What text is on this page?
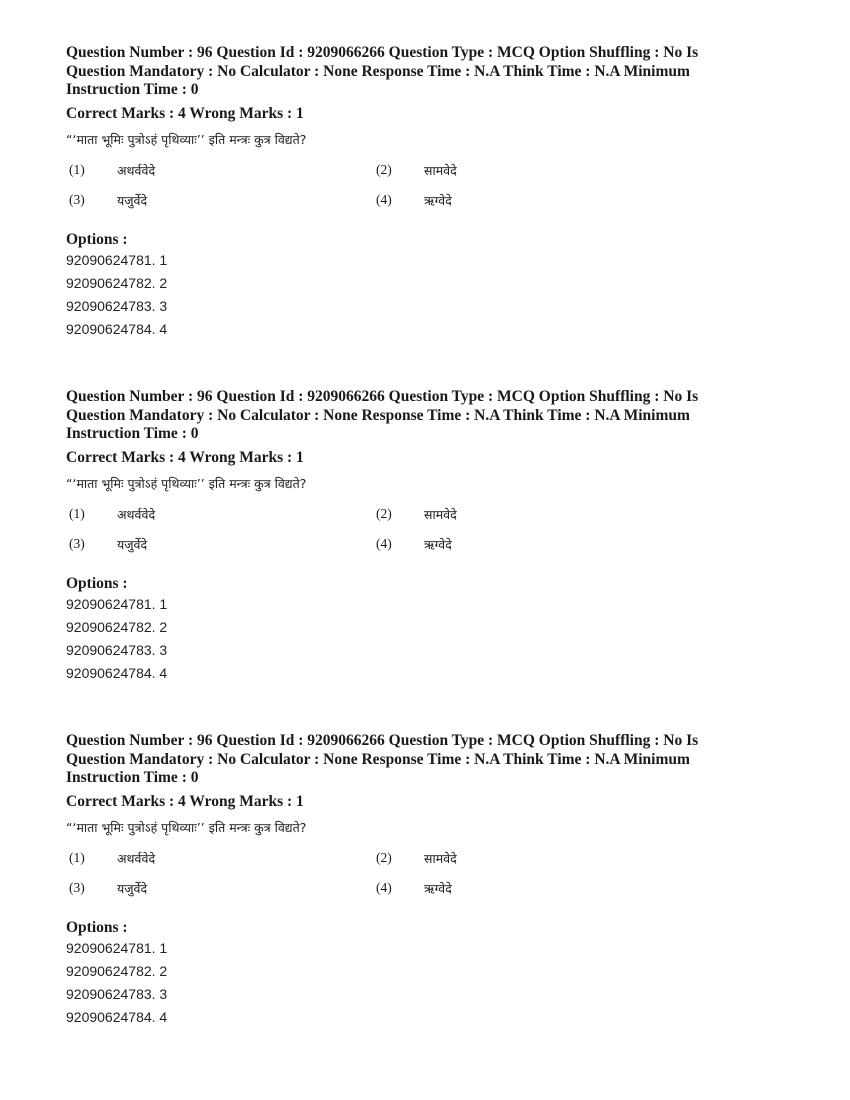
Question Number : 96 Question Id : 9209066266 Question Type : MCQ Option Shuffling : No Is
Question Mandatory : No Calculator : None Response Time : N.A Think Time : N.A Minimum
Instruction Time : 0
Correct Marks : 4 Wrong Marks : 1
“‘माता भूमिः पुत्रोऽहं पृथिव्याः’’ इति मन्त्रः कुत्र विद्यते?
(1)	अथर्ववेदे	(2)	सामवेदे
(3)	यजुर्वेदे	(4)	ऋग्वेदे
Options :
92090624781. 1
92090624782. 2
92090624783. 3
92090624784. 4
Question Number : 96 Question Id : 9209066266 Question Type : MCQ Option Shuffling : No Is
Question Mandatory : No Calculator : None Response Time : N.A Think Time : N.A Minimum
Instruction Time : 0
Correct Marks : 4 Wrong Marks : 1
“‘माता भूमिः पुत्रोऽहं पृथिव्याः’’ इति मन्त्रः कुत्र विद्यते?
(1)	अथर्ववेदे	(2)	सामवेदे
(3)	यजुर्वेदे	(4)	ऋग्वेदे
Options :
92090624781. 1
92090624782. 2
92090624783. 3
92090624784. 4
Question Number : 96 Question Id : 9209066266 Question Type : MCQ Option Shuffling : No Is
Question Mandatory : No Calculator : None Response Time : N.A Think Time : N.A Minimum
Instruction Time : 0
Correct Marks : 4 Wrong Marks : 1
“‘माता भूमिः पुत्रोऽहं पृथिव्याः’’ इति मन्त्रः कुत्र विद्यते?
(1)	अथर्ववेदे	(2)	सामवेदे
(3)	यजुर्वेदे	(4)	ऋग्वेदे
Options :
92090624781. 1
92090624782. 2
92090624783. 3
92090624784. 4
